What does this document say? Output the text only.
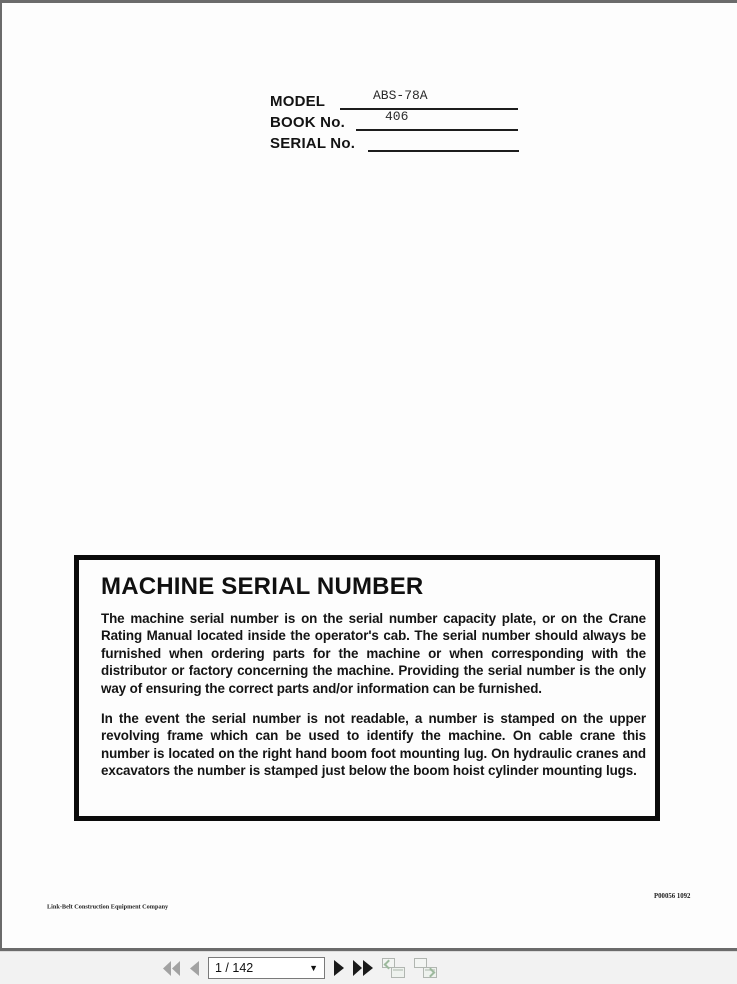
MODEL	ABS-78A
BOOK No.	406
SERIAL No.
MACHINE SERIAL NUMBER

The machine serial number is on the serial number capacity plate, or on the Crane Rating Manual located inside the operator's cab. The serial number should always be furnished when ordering parts for the machine or when corresponding with the distributor or factory concerning the machine. Providing the serial number is the only way of ensuring the correct parts and/or information can be furnished.

In the event the serial number is not readable, a number is stamped on the upper revolving frame which can be used to identify the machine. On cable crane this number is located on the right hand boom foot mounting lug. On hydraulic cranes and excavators the number is stamped just below the boom hoist cylinder mounting lugs.

Link-Belt Construction Equipment Company
P00056 1092
1 / 142	▼
